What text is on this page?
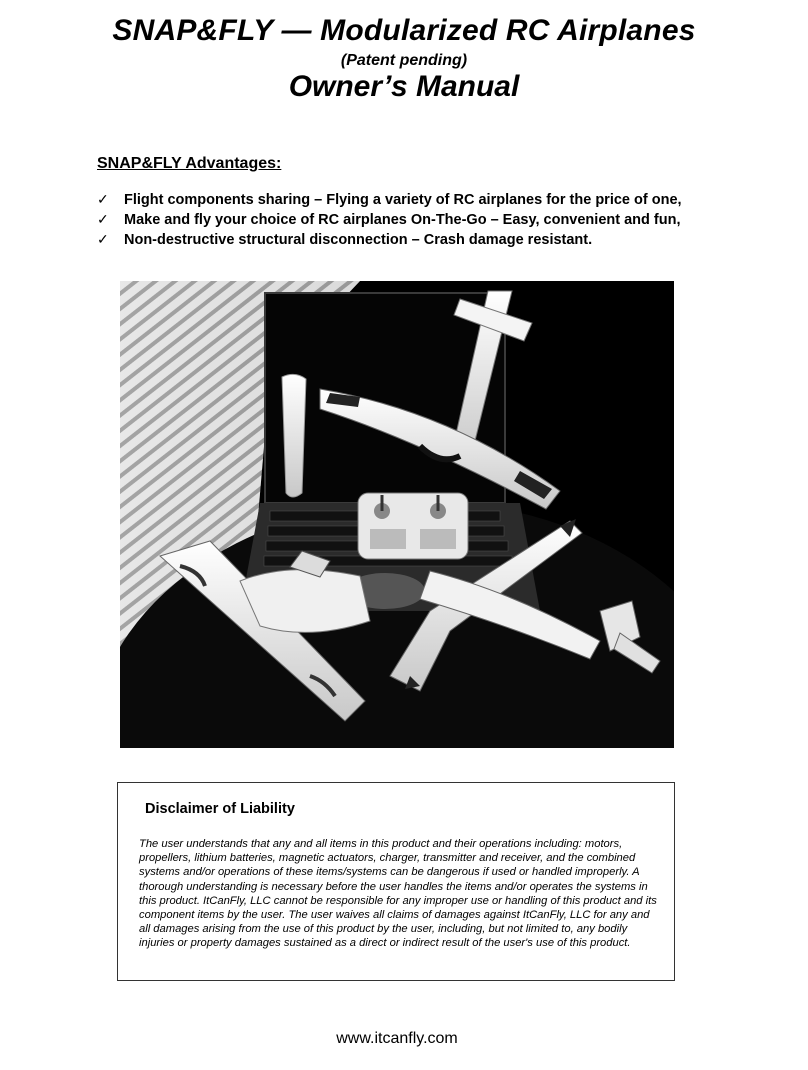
SNAP&FLY — Modularized RC Airplanes
(Patent pending)
Owner’s Manual
SNAP&FLY Advantages:
✓ Flight components sharing – Flying a variety of RC airplanes for the price of one,
✓ Make and fly your choice of RC airplanes On-The-Go – Easy, convenient and fun,
✓ Non-destructive structural disconnection – Crash damage resistant.
Disclaimer of Liability

The user understands that any and all items in this product and their operations including: motors, propellers, lithium batteries, magnetic actuators, charger, transmitter and receiver, and the combined systems and/or operations of these items/systems can be dangerous if used or handled improperly. A thorough understanding is necessary before the user handles the items and/or operates the systems in this product. ItCanFly, LLC cannot be responsible for any improper use or handling of this product and its component items by the user. The user waives all claims of damages against ItCanFly, LLC for any and all damages arising from the use of this product by the user, including, but not limited to, any bodily injuries or property damages sustained as a direct or indirect result of the user's use of this product.

www.itcanfly.com
